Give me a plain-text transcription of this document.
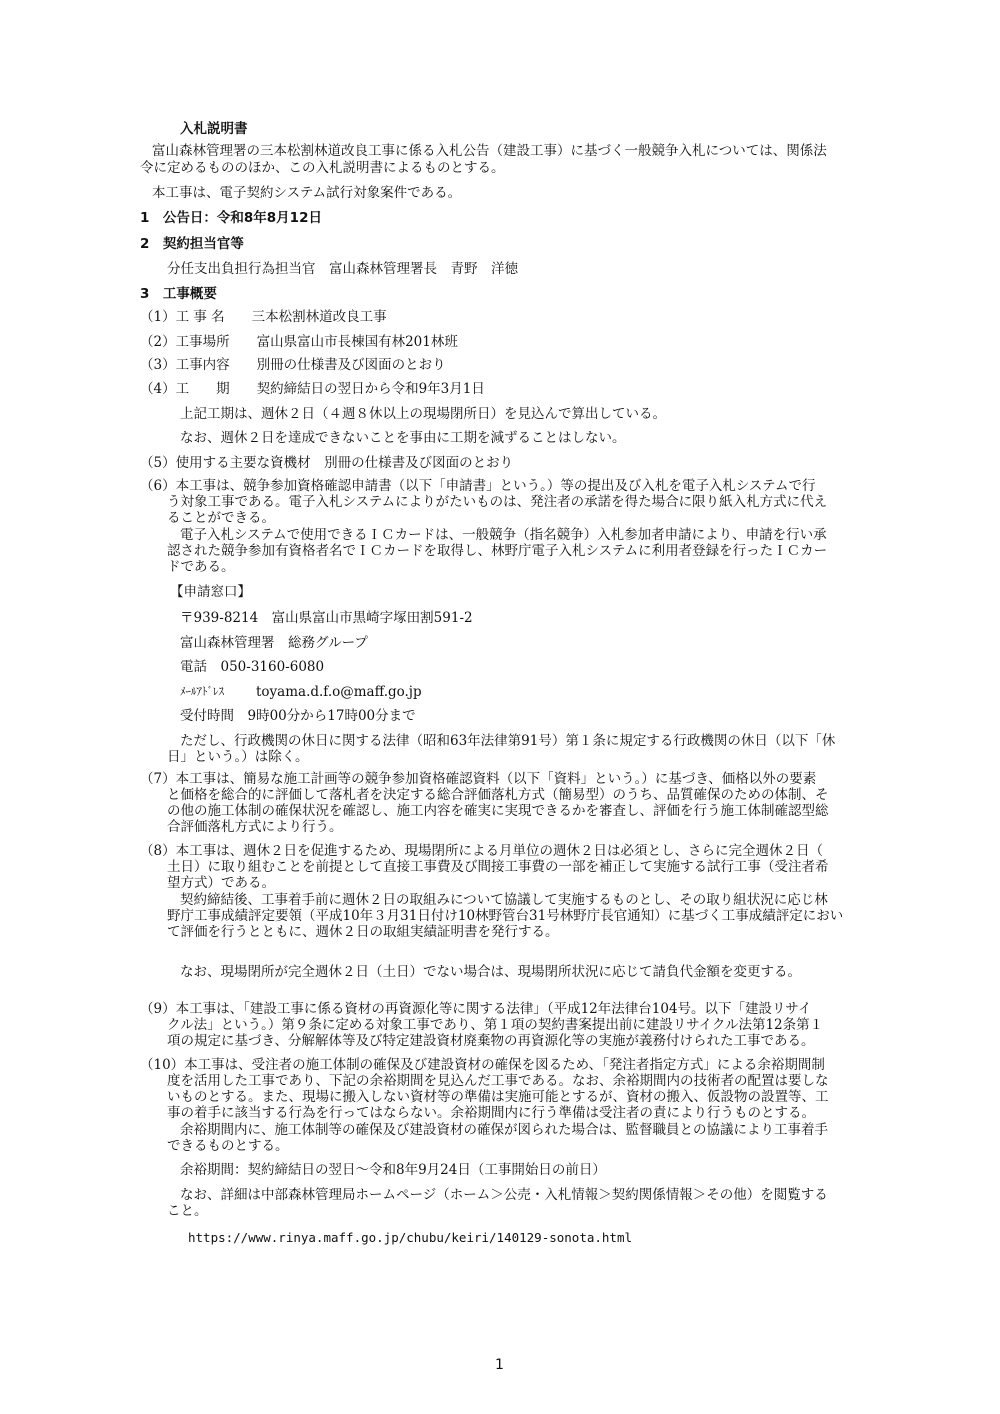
入札説明書
富山森林管理署の三本松割林道改良工事に係る入札公告（建設工事）に基づく一般競争入札については、関係法
令に定めるもののほか、この入札説明書によるものとする。
本工事は、電子契約システム試行対象案件である。
1　公告日：令和8年8月12日
2　契約担当官等
分任支出負担行為担当官　富山森林管理署長　青野　洋徳
3　工事概要
（1）工 事 名　　三本松割林道改良工事
（2）工事場所　　富山県富山市長棟国有林201林班
（3）工事内容　　別冊の仕様書及び図面のとおり
（4）工　　期　　契約締結日の翌日から令和9年3月1日
上記工期は、週休２日（４週８休以上の現場閉所日）を見込んで算出している。
なお、週休２日を達成できないことを事由に工期を減ずることはしない。
（5）使用する主要な資機材　別冊の仕様書及び図面のとおり
（6）本工事は、競争参加資格確認申請書（以下「申請書」という。）等の提出及び入札を電子入札システムで行
う対象工事である。電子入札システムによりがたいものは、発注者の承諾を得た場合に限り紙入札方式に代え
ることができる。
電子入札システムで使用できるＩＣカードは、一般競争（指名競争）入札参加者申請により、申請を行い承
認された競争参加有資格者名でＩＣカードを取得し、林野庁電子入札システムに利用者登録を行ったＩＣカー
ドである。
【申請窓口】
〒939-8214　富山県富山市黒崎字塚田割591-2
富山森林管理署　総務グループ
電話　050-3160-6080
ﾒｰﾙｱﾄﾞﾚｽ toyama.d.f.o@maff.go.jp
受付時間　9時00分から17時00分まで
ただし、行政機関の休日に関する法律（昭和63年法律第91号）第１条に規定する行政機関の休日（以下「休
日」という。）は除く。
（7）本工事は、簡易な施工計画等の競争参加資格確認資料（以下「資料」という。）に基づき、価格以外の要素
と価格を総合的に評価して落札者を決定する総合評価落札方式（簡易型）のうち、品質確保のための体制、そ
の他の施工体制の確保状況を確認し、施工内容を確実に実現できるかを審査し、評価を行う施工体制確認型総
合評価落札方式により行う。
（8）本工事は、週休２日を促進するため、現場閉所による月単位の週休２日は必須とし、さらに完全週休２日（
土日）に取り組むことを前提として直接工事費及び間接工事費の一部を補正して実施する試行工事（受注者希
望方式）である。
契約締結後、工事着手前に週休２日の取組みについて協議して実施するものとし、その取り組状況に応じ林
野庁工事成績評定要領（平成10年３月31日付け10林野管台31号林野庁長官通知）に基づく工事成績評定におい
て評価を行うとともに、週休２日の取組実績証明書を発行する。
なお、現場閉所が完全週休２日（土日）でない場合は、現場閉所状況に応じて請負代金額を変更する。
（9）本工事は、「建設工事に係る資材の再資源化等に関する法律」（平成12年法律台104号。以下「建設リサイ
クル法」という。）第９条に定める対象工事であり、第１項の契約書案提出前に建設リサイクル法第12条第１
項の規定に基づき、分解解体等及び特定建設資材廃棄物の再資源化等の実施が義務付けられた工事である。
（10）本工事は、受注者の施工体制の確保及び建設資材の確保を図るため、「発注者指定方式」による余裕期間制
度を活用した工事であり、下記の余裕期間を見込んだ工事である。なお、余裕期間内の技術者の配置は要しな
いものとする。また、現場に搬入しない資材等の準備は実施可能とするが、資材の搬入、仮設物の設置等、工
事の着手に該当する行為を行ってはならない。余裕期間内に行う準備は受注者の責により行うものとする。
余裕期間内に、施工体制等の確保及び建設資材の確保が図られた場合は、監督職員との協議により工事着手
できるものとする。
余裕期間：契約締結日の翌日～令和8年9月24日（工事開始日の前日）
なお、詳細は中部森林管理局ホームページ（ホーム＞公売・入札情報＞契約関係情報＞その他）を閲覧する
こと。
https://www.rinya.maff.go.jp/chubu/keiri/140129-sonota.html
1
